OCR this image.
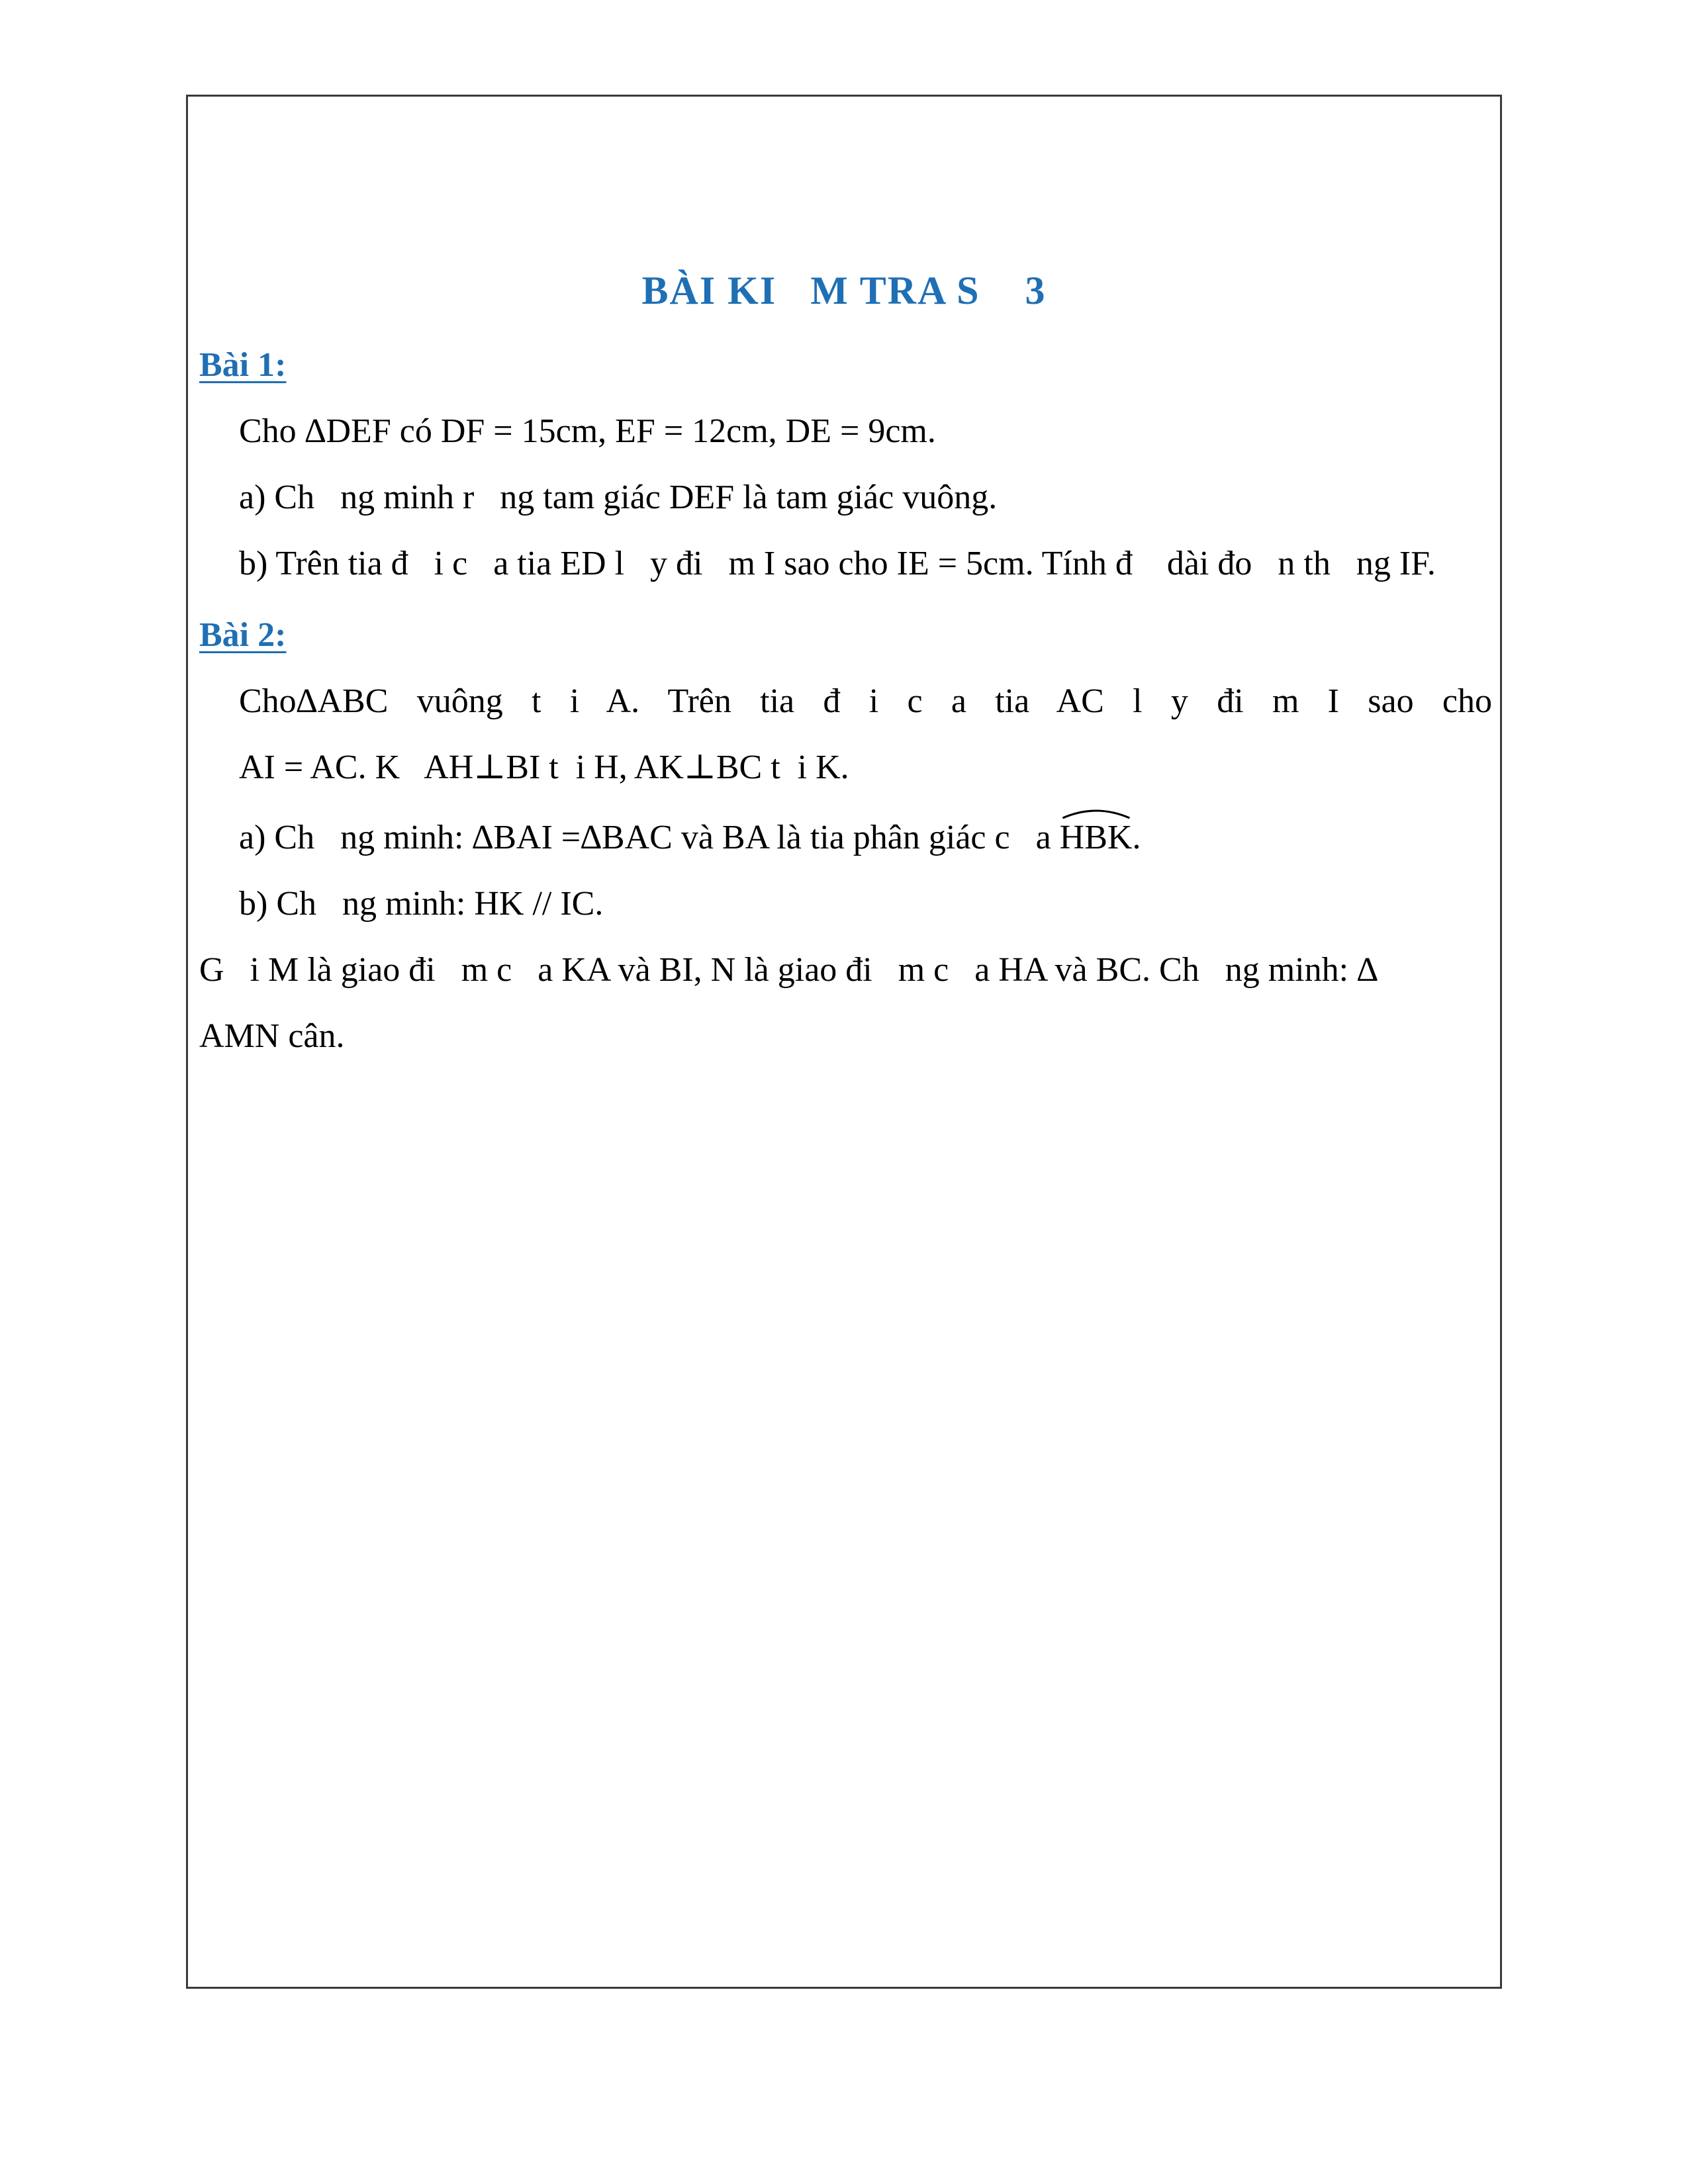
BÀI KI   M TRA S    3
Bài 1:
Cho ∆DEF có DF = 15cm, EF = 12cm, DE = 9cm.
a) Ch   ng minh r   ng tam giác DEF là tam giác vuông.
b) Trên tia đ   i c   a tia ED l   y đi   m I sao cho IE = 5cm. Tính đ    dài đo   n th   ng IF.
Bài 2:
Cho∆ABC vuông t i A. Trên tia đ i c a tia AC l y đi m I sao cho
AI = AC. K   AH⊥BI t  i H, AK⊥BC t  i K.
a) Ch   ng minh: ∆BAI =∆BAC và BA là tia phân giác c   a
HBK.
b) Ch   ng minh: HK // IC.
G   i M là giao đi   m c   a KA và BI, N là giao đi   m c   a HA và BC. Ch   ng minh: ∆
AMN cân.
